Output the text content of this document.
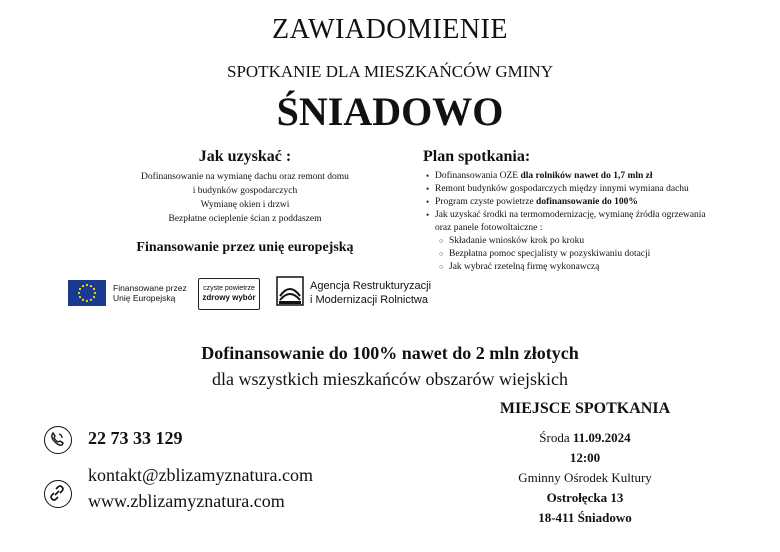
ZAWIADOMIENIE
SPOTKANIE DLA MIESZKAŃCÓW GMINY
ŚNIADOWO
Jak uzyskać :

Dofinansowanie na wymianę dachu oraz remont domu

i budynków gospodarczych

Wymianę okien i drzwi

Bezpłatne ocieplenie ścian z poddaszem

Finansowanie przez unię europejską
Plan spotkania:
• Dofinansowania OZE dla rolników nawet do 1,7 mln zł
• Remont budynków gospodarczych między innymi wymiana dachu
• Program czyste powietrze dofinansowanie do 100%
• Jak uzyskać środki na termomodernizację, wymianę źródła ogrzewania oraz panele fotowoltaiczne :
○ Składanie wniosków krok po kroku
○ Bezpłatna pomoc specjalisty w pozyskiwaniu dotacji
○ Jak wybrać rzetelną firmę wykonawczą
Finansowane przez
Unię Europejską
czyste powietrze
zdrowy wybór
Agencja Restrukturyzacji
i Modernizacji Rolnictwa
Dofinansowanie do 100% nawet do 2 mln złotych
dla wszystkich mieszkańców obszarów wiejskich
22 73 33 129
kontakt@zblizamyznatura.com
www.zblizamyznatura.com
MIEJSCE SPOTKANIA
Środa 11.09.2024
12:00
Gminny Ośrodek Kultury
Ostrołęcka 13
18-411 Śniadowo
